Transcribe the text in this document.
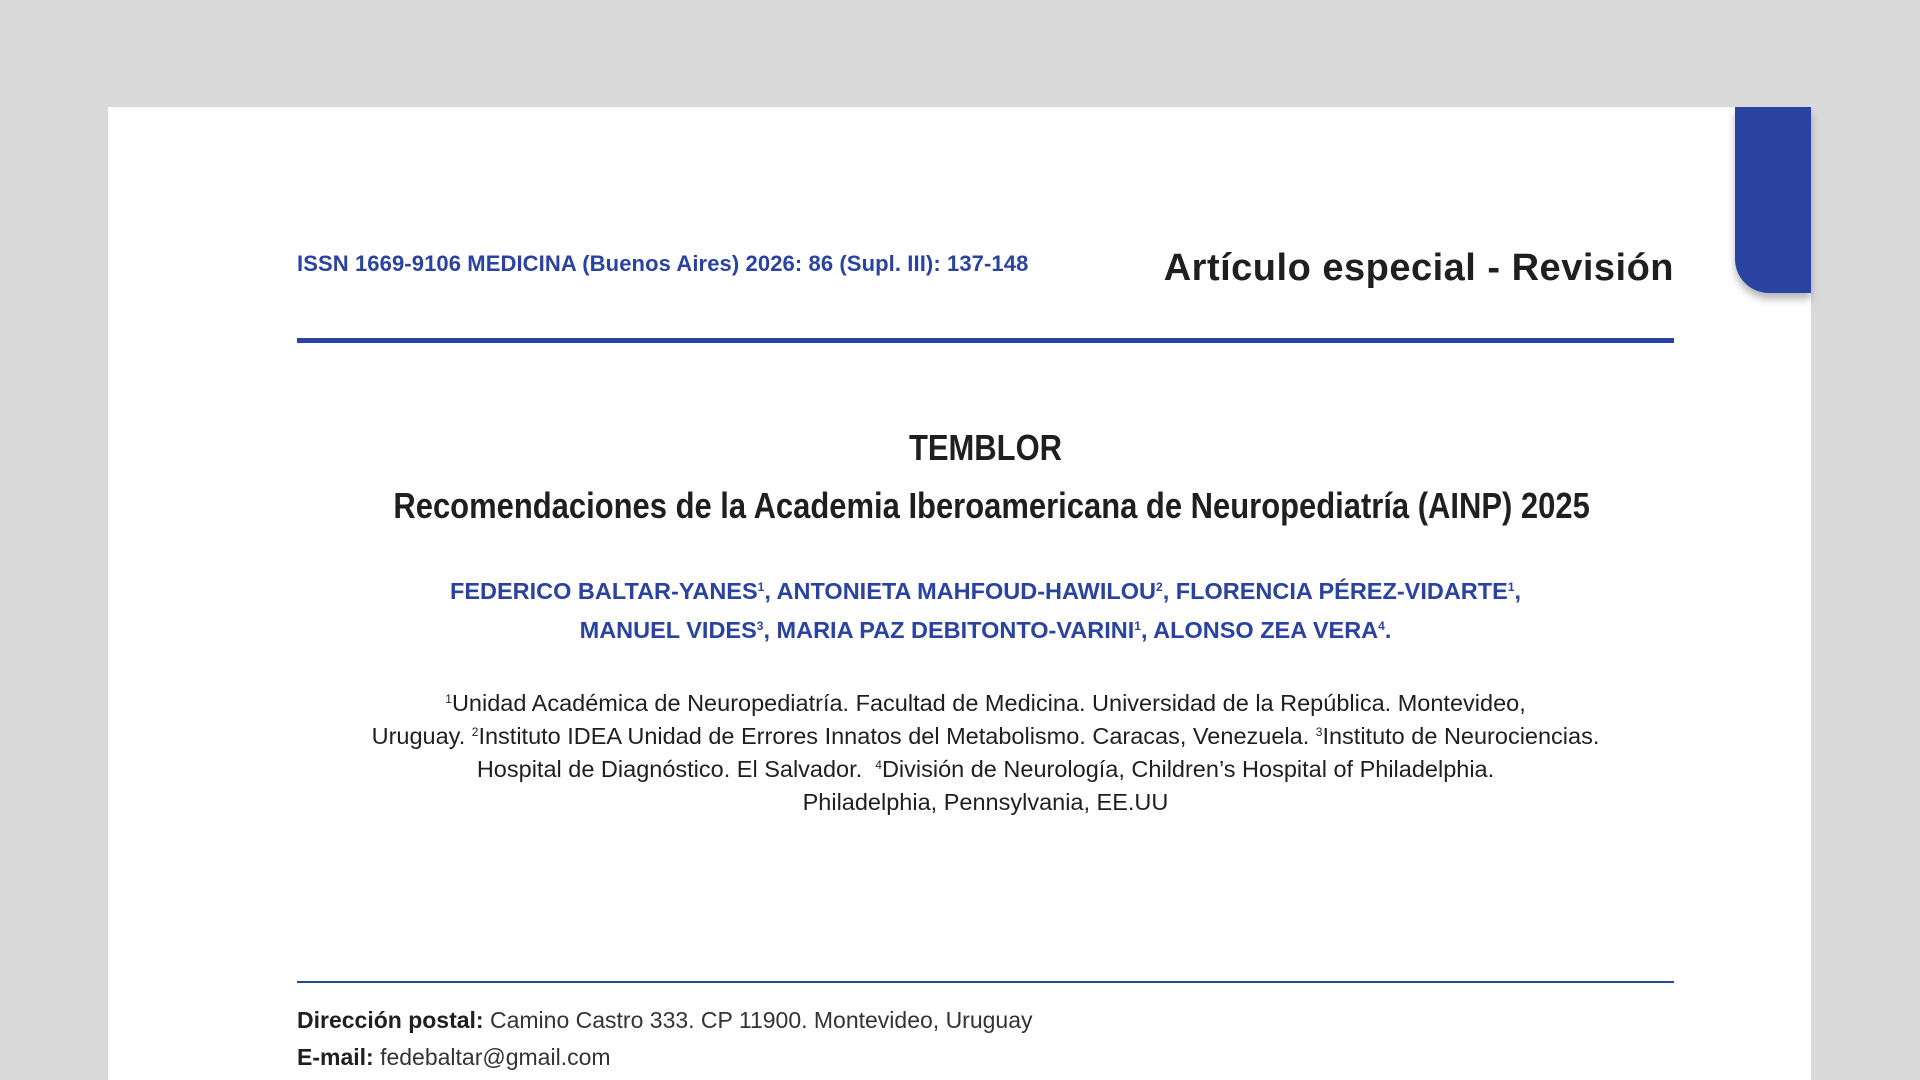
ISSN 1669-9106 MEDICINA (Buenos Aires) 2026: 86 (Supl. III): 137-148	Artículo especial - Revisión
TEMBLOR
Recomendaciones de la Academia Iberoamericana de Neuropediatría (AINP) 2025
FEDERICO BALTAR-YANES$^1$, ANTONIETA MAHFOUD-HAWILOU$^2$, FLORENCIA PÉREZ-VIDARTE$^1$,
MANUEL VIDES$^3$, MARIA PAZ DEBITONTO-VARINI$^1$, ALONSO ZEA VERA$^4$.
$^1$Unidad Académica de Neuropediatría. Facultad de Medicina. Universidad de la República. Montevideo,
Uruguay. $^2$Instituto IDEA Unidad de Errores Innatos del Metabolismo. Caracas, Venezuela. $^3$Instituto de Neurociencias.
Hospital de Diagnóstico. El Salvador.  $^4$División de Neurología, Children’s Hospital of Philadelphia.
Philadelphia, Pennsylvania, EE.UU
Dirección postal: Camino Castro 333. CP 11900. Montevideo, Uruguay
E-mail: fedebaltar@gmail.com
